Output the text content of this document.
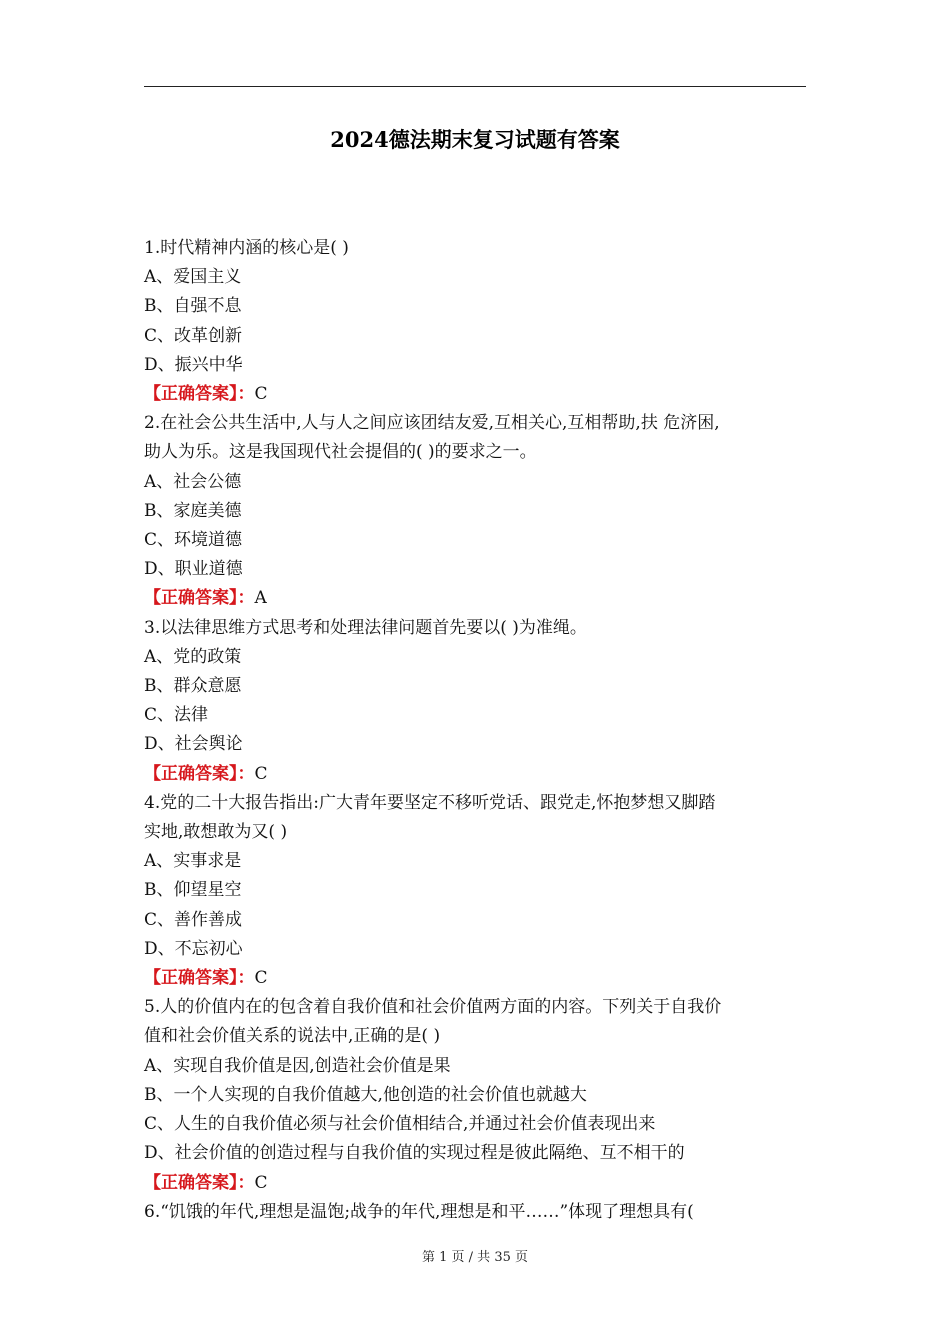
2024德法期末复习试题有答案
1.时代精神内涵的核心是( )
A、爱国主义
B、自强不息
C、改革创新
D、振兴中华
【正确答案】：C
2.在社会公共生活中,人与人之间应该团结友爱,互相关心,互相帮助,扶 危济困,
助人为乐。这是我国现代社会提倡的( )的要求之一。
A、社会公德
B、家庭美德
C、环境道德
D、职业道德
【正确答案】：A
3.以法律思维方式思考和处理法律问题首先要以( )为准绳。
A、党的政策
B、群众意愿
C、法律
D、社会舆论
【正确答案】：C
4.党的二十大报告指出:广大青年要坚定不移听党话、跟党走,怀抱梦想又脚踏
实地,敢想敢为又( )
A、实事求是
B、仰望星空
C、善作善成
D、不忘初心
【正确答案】：C
5.人的价值内在的包含着自我价值和社会价值两方面的内容。下列关于自我价
值和社会价值关系的说法中,正确的是( )
A、实现自我价值是因,创造社会价值是果
B、一个人实现的自我价值越大,他创造的社会价值也就越大
C、人生的自我价值必须与社会价值相结合,并通过社会价值表现出来
D、社会价值的创造过程与自我价值的实现过程是彼此隔绝、互不相干的
【正确答案】：C
6.“饥饿的年代,理想是温饱;战争的年代,理想是和平……”体现了理想具有(
第 1 页 / 共 35 页
